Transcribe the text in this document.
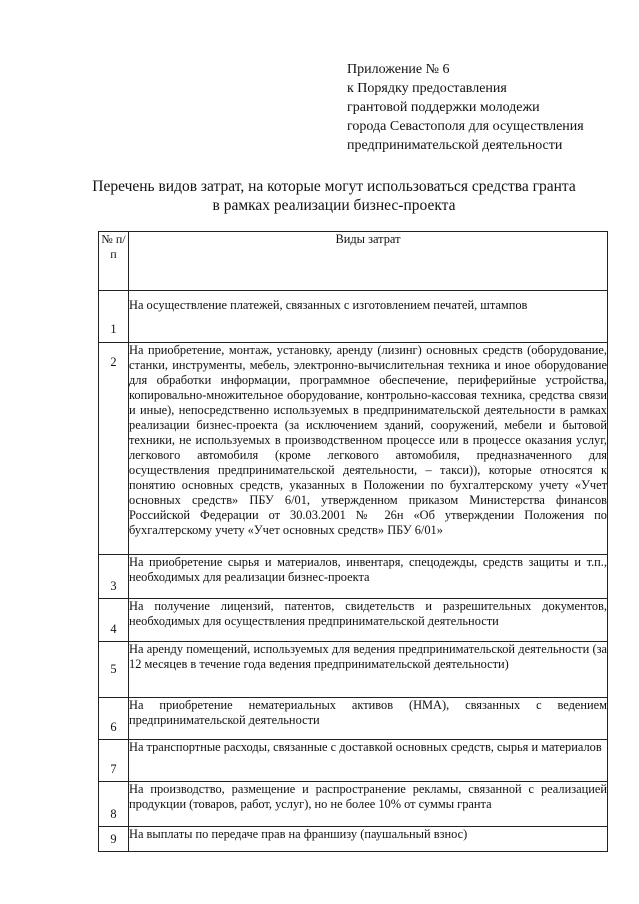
Приложение № 6
к Порядку предоставления
грантовой поддержки молодежи
города Севастополя для осуществления
предпринимательской деятельности
Перечень видов затрат, на которые могут использоваться средства гранта
в рамках реализации бизнес-проекта
№ п/п	Виды затрат
1	На осуществление платежей, связанных с изготовлением печатей, штампов
2	На приобретение, монтаж, установку, аренду (лизинг) основных средств (оборудование, станки, инструменты, мебель, электронно-вычислительная техника и иное оборудование для обработки информации, программное обеспечение, периферийные устройства, копировально-множительное оборудование, контрольно-кассовая техника, средства связи и иные), непосредственно используемых в предпринимательской деятельности в рамках реализации бизнес-проекта (за исключением зданий, сооружений, мебели и бытовой техники, не используемых в производственном процессе или в процессе оказания услуг, легкового автомобиля (кроме легкового автомобиля, предназначенного для осуществления предпринимательской деятельности, – такси)), которые относятся к понятию основных средств, указанных в Положении по бухгалтерскому учету «Учет основных средств» ПБУ 6/01, утвержденном приказом Министерства финансов Российской Федерации от 30.03.2001 № 26н «Об утверждении Положения по бухгалтерскому учету «Учет основных средств» ПБУ 6/01»
3	На приобретение сырья и материалов, инвентаря, спецодежды, средств защиты и т.п., необходимых для реализации бизнес-проекта
4	На получение лицензий, патентов, свидетельств и разрешительных документов, необходимых для осуществления предпринимательской деятельности
5	На аренду помещений, используемых для ведения предпринимательской деятельности (за 12 месяцев в течение года ведения предпринимательской деятельности)
6	На приобретение нематериальных активов (НМА), связанных с ведением предпринимательской деятельности
7	На транспортные расходы, связанные с доставкой основных средств, сырья и материалов
8	На производство, размещение и распространение рекламы, связанной с реализацией продукции (товаров, работ, услуг), но не более 10% от суммы гранта
9	На выплаты по передаче прав на франшизу (паушальный взнос)
